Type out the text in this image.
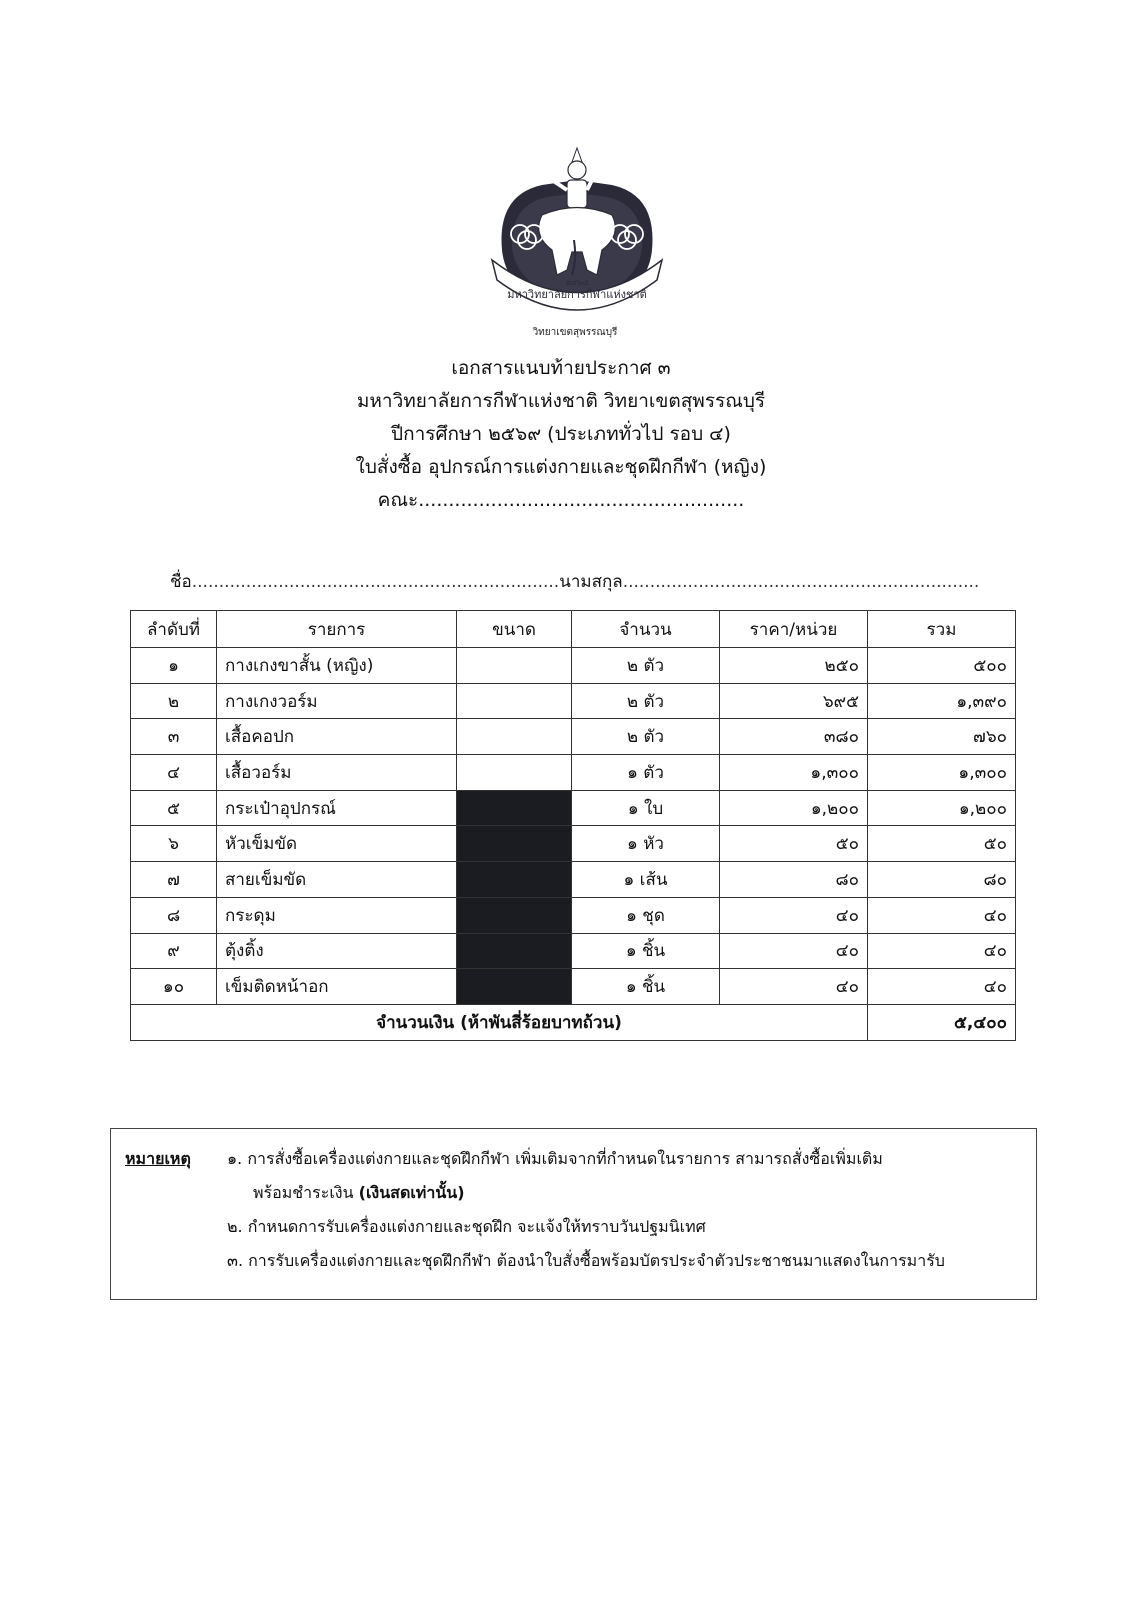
มหาวิทยาลัยการกีฬาแห่งชาติ
๒๕๖๘
วิทยาเขตสุพรรณบุรี
เอกสารแนบท้ายประกาศ ๓
มหาวิทยาลัยการกีฬาแห่งชาติ วิทยาเขตสุพรรณบุรี
ปีการศึกษา ๒๕๖๙ (ประเภททั่วไป รอบ ๔)
ใบสั่งซื้อ อุปกรณ์การแต่งกายและชุดฝึกกีฬา (หญิง)
คณะ......................................................
ชื่อ....................................................................นามสกุล..................................................................
ลำดับที่	รายการ	ขนาด	จำนวน	ราคา/หน่วย	รวม
๑	กางเกงขาสั้น (หญิง)		๒ ตัว	๒๕๐	๕๐๐
๒	กางเกงวอร์ม		๒ ตัว	๖๙๕	๑,๓๙๐
๓	เสื้อคอปก		๒ ตัว	๓๘๐	๗๖๐
๔	เสื้อวอร์ม		๑ ตัว	๑,๓๐๐	๑,๓๐๐
๕	กระเป๋าอุปกรณ์		๑ ใบ	๑,๒๐๐	๑,๒๐๐
๖	หัวเข็มขัด		๑ หัว	๕๐	๕๐
๗	สายเข็มขัด		๑ เส้น	๘๐	๘๐
๘	กระดุม		๑ ชุด	๔๐	๔๐
๙	ตุ้งติ้ง		๑ ชิ้น	๔๐	๔๐
๑๐	เข็มติดหน้าอก		๑ ชิ้น	๔๐	๔๐
จำนวนเงิน (ห้าพันสี่ร้อยบาทถ้วน)					๕,๔๐๐
หมายเหตุ ๑. การสั่งซื้อเครื่องแต่งกายและชุดฝึกกีฬา เพิ่มเติมจากที่กำหนดในรายการ สามารถสั่งซื้อเพิ่มเติม
พร้อมชำระเงิน (เงินสดเท่านั้น)
๒. กำหนดการรับเครื่องแต่งกายและชุดฝึก จะแจ้งให้ทราบวันปฐมนิเทศ
๓. การรับเครื่องแต่งกายและชุดฝึกกีฬา ต้องนำใบสั่งซื้อพร้อมบัตรประจำตัวประชาชนมาแสดงในการมารับ
